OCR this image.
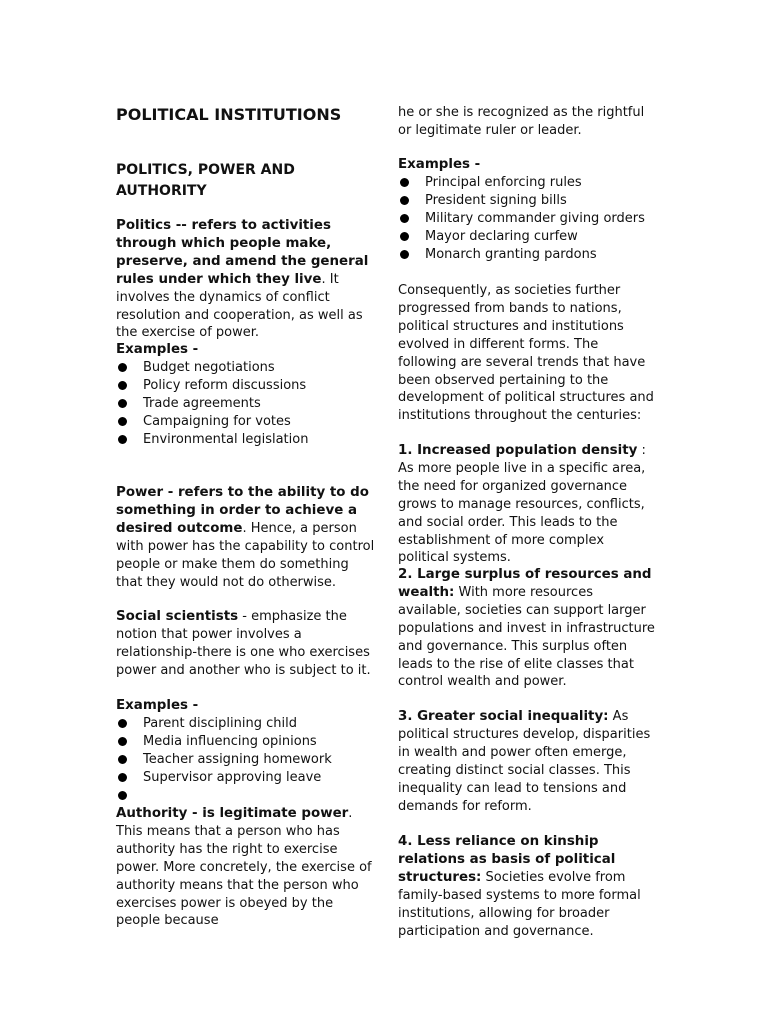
POLITICAL INSTITUTIONS
POLITICS, POWER AND AUTHORITY

Politics -- refers to activities through which people make, preserve, and amend the general rules under which they live. It involves the dynamics of conflict resolution and cooperation, as well as the exercise of power.

Examples -
Budget negotiations
Policy reform discussions
Trade agreements
Campaigning for votes
Environmental legislation

Power - refers to the ability to do something in order to achieve a desired outcome. Hence, a person with power has the capability to control people or make them do something that they would not do otherwise.

Social scientists - emphasize the notion that power involves a relationship-there is one who exercises power and another who is subject to it.

Examples -
Parent disciplining child
Media influencing opinions
Teacher assigning homework
Supervisor approving leave

Authority - is legitimate power. This means that a person who has authority has the right to exercise power. More concretely, the exercise of authority means that the person who exercises power is obeyed by the people because

he or she is recognized as the rightful or legitimate ruler or leader.

Examples -
Principal enforcing rules
President signing bills
Military commander giving orders
Mayor declaring curfew
Monarch granting pardons

Consequently, as societies further progressed from bands to nations, political structures and institutions evolved in different forms. The following are several trends that have been observed pertaining to the development of political structures and institutions throughout the centuries:

1. Increased population density : As more people live in a specific area, the need for organized governance grows to manage resources, conflicts, and social order. This leads to the establishment of more complex political systems.

2. Large surplus of resources and wealth: With more resources available, societies can support larger populations and invest in infrastructure and governance. This surplus often leads to the rise of elite classes that control wealth and power.

3. Greater social inequality: As political structures develop, disparities in wealth and power often emerge, creating distinct social classes. This inequality can lead to tensions and demands for reform.

4. Less reliance on kinship relations as basis of political structures: Societies evolve from family-based systems to more formal institutions, allowing for broader participation and governance.
